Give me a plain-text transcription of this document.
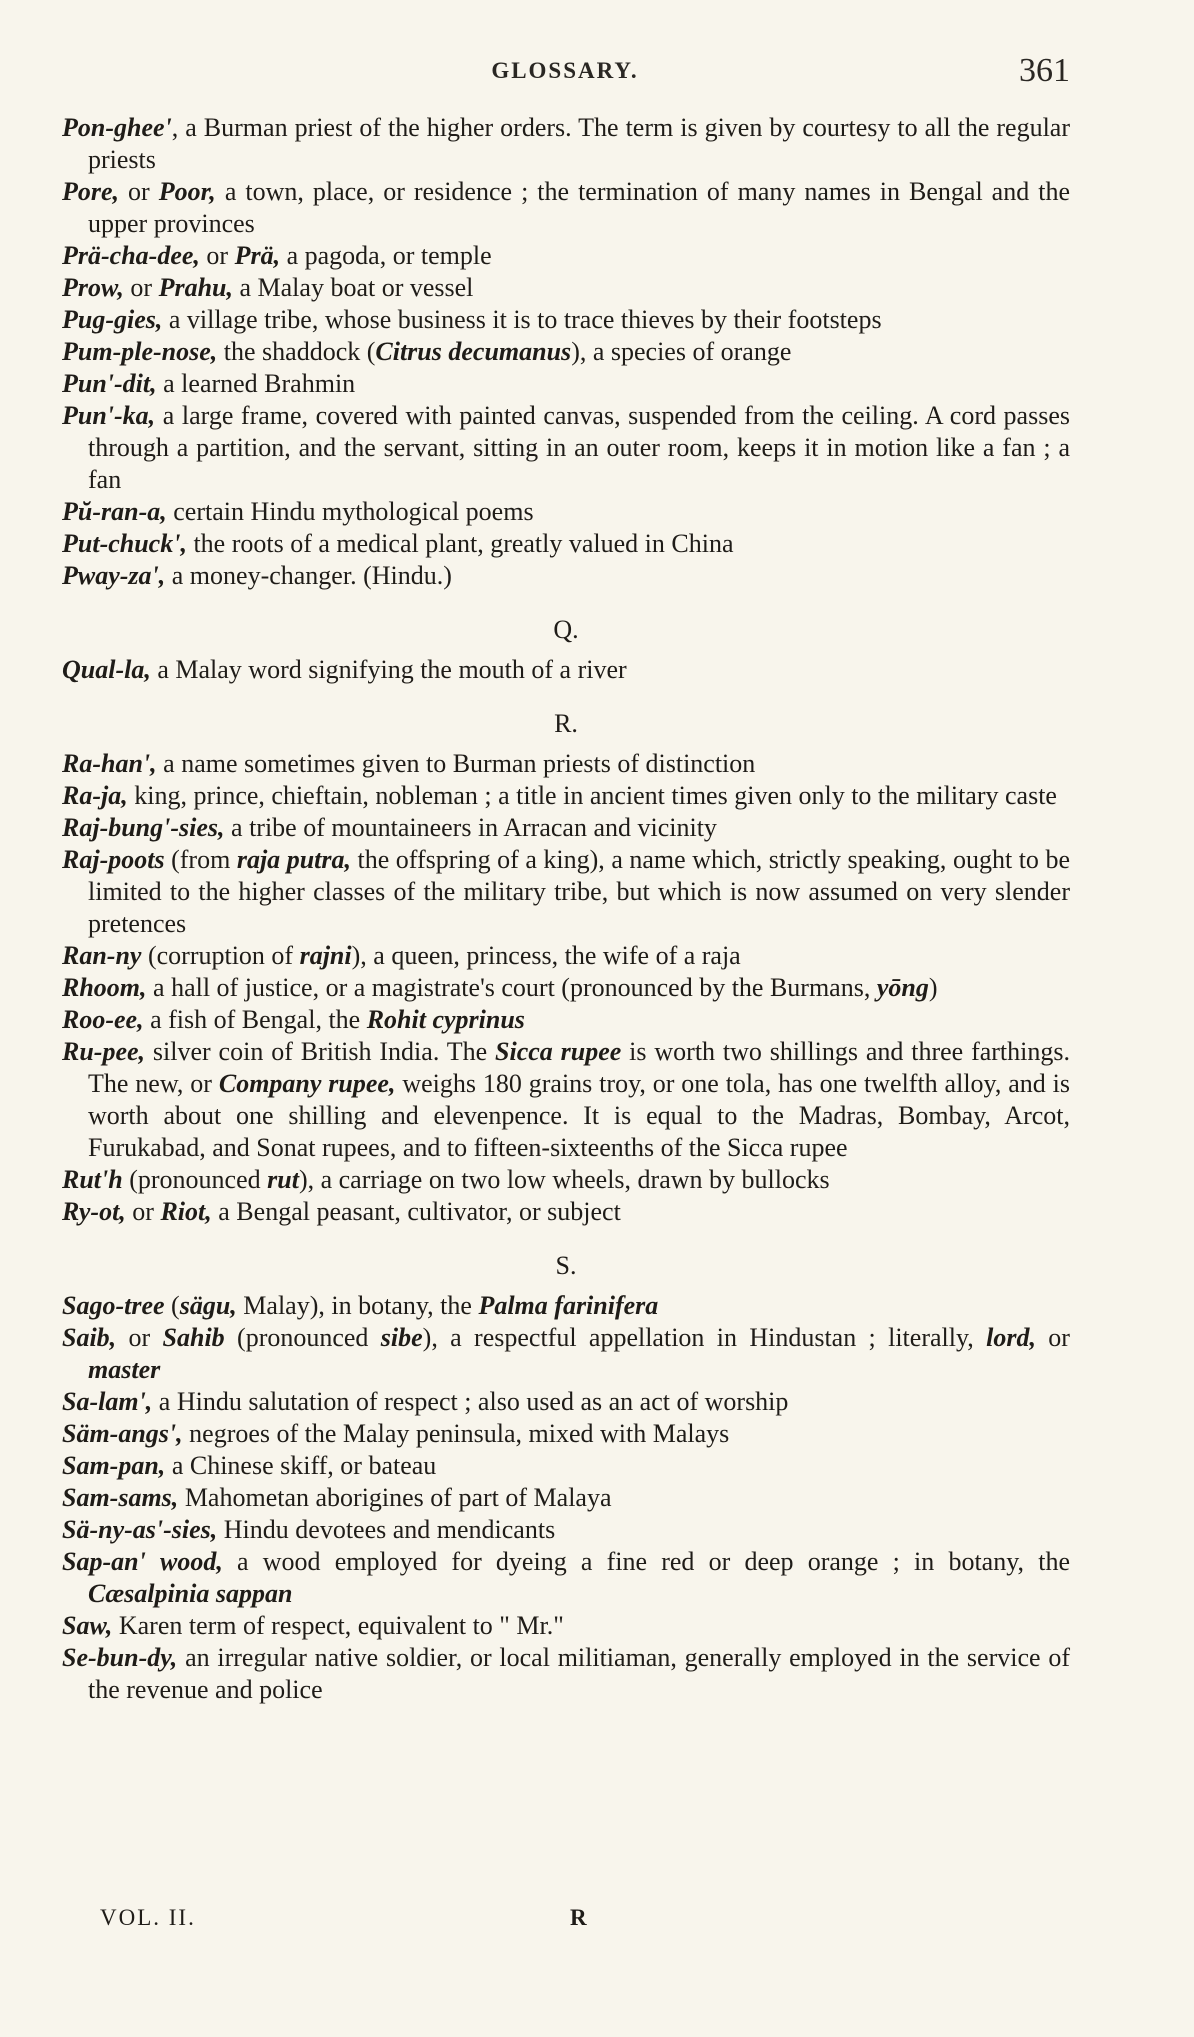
GLOSSARY.	361
Pon-ghee', a Burman priest of the higher orders. The term is given by courtesy to all the regular priests
Pore, or Poor, a town, place, or residence ; the termination of many names in Bengal and the upper provinces
Prä-cha-dee, or Prä, a pagoda, or temple
Prow, or Prahu, a Malay boat or vessel
Pug-gies, a village tribe, whose business it is to trace thieves by their footsteps
Pum-ple-nose, the shaddock (Citrus decumanus), a species of orange
Pun'-dit, a learned Brahmin
Pun'-ka, a large frame, covered with painted canvas, suspended from the ceiling. A cord passes through a partition, and the servant, sitting in an outer room, keeps it in motion like a fan ; a fan
Pŭ-ran-a, certain Hindu mythological poems
Put-chuck', the roots of a medical plant, greatly valued in China
Pway-za', a money-changer. (Hindu.)
Q.
Qual-la, a Malay word signifying the mouth of a river
R.
Ra-han', a name sometimes given to Burman priests of distinction
Ra-ja, king, prince, chieftain, nobleman ; a title in ancient times given only to the military caste
Raj-bung'-sies, a tribe of mountaineers in Arracan and vicinity
Raj-poots (from raja putra, the offspring of a king), a name which, strictly speaking, ought to be limited to the higher classes of the military tribe, but which is now assumed on very slender pretences
Ran-ny (corruption of rajni), a queen, princess, the wife of a raja
Rhoom, a hall of justice, or a magistrate's court (pronounced by the Burmans, yōng)
Roo-ee, a fish of Bengal, the Rohit cyprinus
Ru-pee, silver coin of British India. The Sicca rupee is worth two shillings and three farthings. The new, or Company rupee, weighs 180 grains troy, or one tola, has one twelfth alloy, and is worth about one shilling and elevenpence. It is equal to the Madras, Bombay, Arcot, Furukabad, and Sonat rupees, and to fifteen-sixteenths of the Sicca rupee
Rut'h (pronounced rut), a carriage on two low wheels, drawn by bullocks
Ry-ot, or Riot, a Bengal peasant, cultivator, or subject
S.
Sago-tree (sägu, Malay), in botany, the Palma farinifera
Saib, or Sahib (pronounced sibe), a respectful appellation in Hindustan ; literally, lord, or master
Sa-lam', a Hindu salutation of respect ; also used as an act of worship
Säm-angs', negroes of the Malay peninsula, mixed with Malays
Sam-pan, a Chinese skiff, or bateau
Sam-sams, Mahometan aborigines of part of Malaya
Sä-ny-as'-sies, Hindu devotees and mendicants
Sap-an' wood, a wood employed for dyeing a fine red or deep orange ; in botany, the Cæsalpinia sappan
Saw, Karen term of respect, equivalent to " Mr."
Se-bun-dy, an irregular native soldier, or local militiaman, generally employed in the service of the revenue and police
VOL. II.	R
